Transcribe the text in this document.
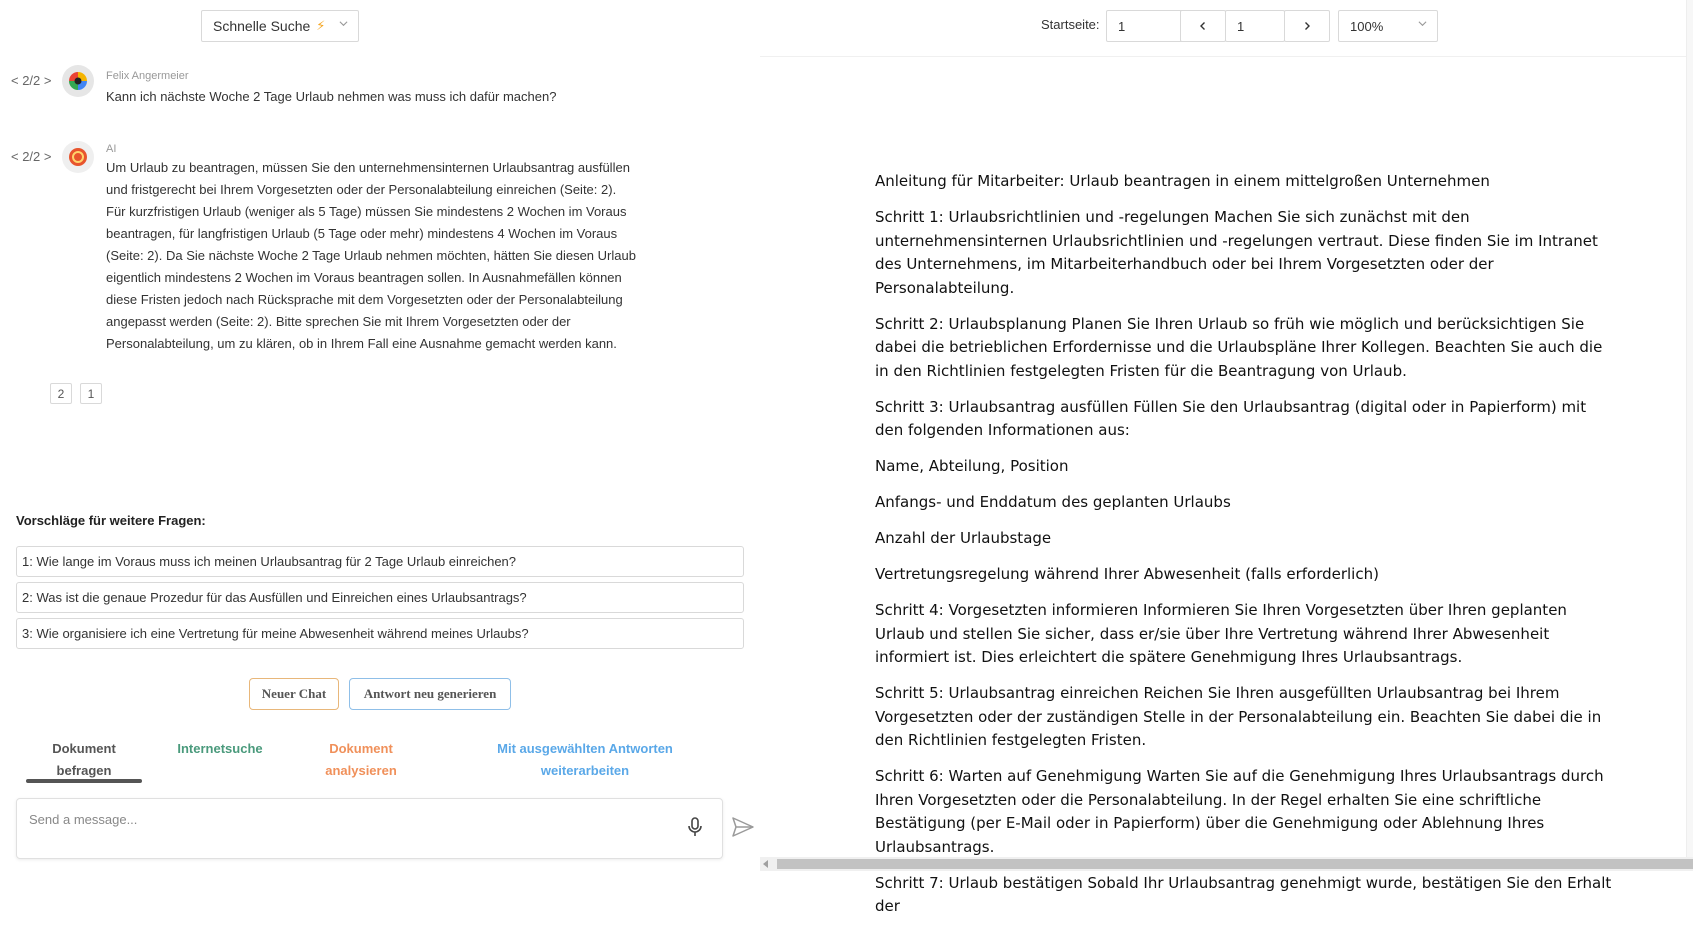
Schnelle Suche ⚡
< 2/2 >	Felix Angermeier
Kann ich nächste Woche 2 Tage Urlaub nehmen was muss ich dafür machen?
< 2/2 >	AI
Um Urlaub zu beantragen, müssen Sie den unternehmensinternen Urlaubsantrag ausfüllen
und fristgerecht bei Ihrem Vorgesetzten oder der Personalabteilung einreichen (Seite: 2).
Für kurzfristigen Urlaub (weniger als 5 Tage) müssen Sie mindestens 2 Wochen im Voraus
beantragen, für langfristigen Urlaub (5 Tage oder mehr) mindestens 4 Wochen im Voraus
(Seite: 2). Da Sie nächste Woche 2 Tage Urlaub nehmen möchten, hätten Sie diesen Urlaub
eigentlich mindestens 2 Wochen im Voraus beantragen sollen. In Ausnahmefällen können
diese Fristen jedoch nach Rücksprache mit dem Vorgesetzten oder der Personalabteilung
angepasst werden (Seite: 2). Bitte sprechen Sie mit Ihrem Vorgesetzten oder der
Personalabteilung, um zu klären, ob in Ihrem Fall eine Ausnahme gemacht werden kann.
2	1
Vorschläge für weitere Fragen:
1: Wie lange im Voraus muss ich meinen Urlaubsantrag für 2 Tage Urlaub einreichen?
2: Was ist die genaue Prozedur für das Ausfüllen und Einreichen eines Urlaubsantrags?
3: Wie organisiere ich eine Vertretung für meine Abwesenheit während meines Urlaubs?
Neuer Chat	Antwort neu generieren
Dokument
befragen
Internetsuche	Dokument
analysieren
Mit ausgewählten Antworten
weiterarbeiten
Send a message...
Startseite:	1	1	100%

Anleitung für Mitarbeiter: Urlaub beantragen in einem mittelgroßen Unternehmen

Schritt 1: Urlaubsrichtlinien und -regelungen Machen Sie sich zunächst mit den unternehmensinternen Urlaubsrichtlinien und -regelungen vertraut. Diese finden Sie im Intranet des Unternehmens, im Mitarbeiterhandbuch oder bei Ihrem Vorgesetzten oder der Personalabteilung.

Schritt 2: Urlaubsplanung Planen Sie Ihren Urlaub so früh wie möglich und berücksichtigen Sie dabei die betrieblichen Erfordernisse und die Urlaubspläne Ihrer Kollegen. Beachten Sie auch die in den Richtlinien festgelegten Fristen für die Beantragung von Urlaub.

Schritt 3: Urlaubsantrag ausfüllen Füllen Sie den Urlaubsantrag (digital oder in Papierform) mit den folgenden Informationen aus:

Name, Abteilung, Position

Anfangs- und Enddatum des geplanten Urlaubs

Anzahl der Urlaubstage

Vertretungsregelung während Ihrer Abwesenheit (falls erforderlich)

Schritt 4: Vorgesetzten informieren Informieren Sie Ihren Vorgesetzten über Ihren geplanten Urlaub und stellen Sie sicher, dass er/sie über Ihre Vertretung während Ihrer Abwesenheit informiert ist. Dies erleichtert die spätere Genehmigung Ihres Urlaubsantrags.

Schritt 5: Urlaubsantrag einreichen Reichen Sie Ihren ausgefüllten Urlaubsantrag bei Ihrem Vorgesetzten oder der zuständigen Stelle in der Personalabteilung ein. Beachten Sie dabei die in den Richtlinien festgelegten Fristen.

Schritt 6: Warten auf Genehmigung Warten Sie auf die Genehmigung Ihres Urlaubsantrags durch Ihren Vorgesetzten oder die Personalabteilung. In der Regel erhalten Sie eine schriftliche Bestätigung (per E-Mail oder in Papierform) über die Genehmigung oder Ablehnung Ihres Urlaubsantrags.

Schritt 7: Urlaub bestätigen Sobald Ihr Urlaubsantrag genehmigt wurde, bestätigen Sie den Erhalt der
